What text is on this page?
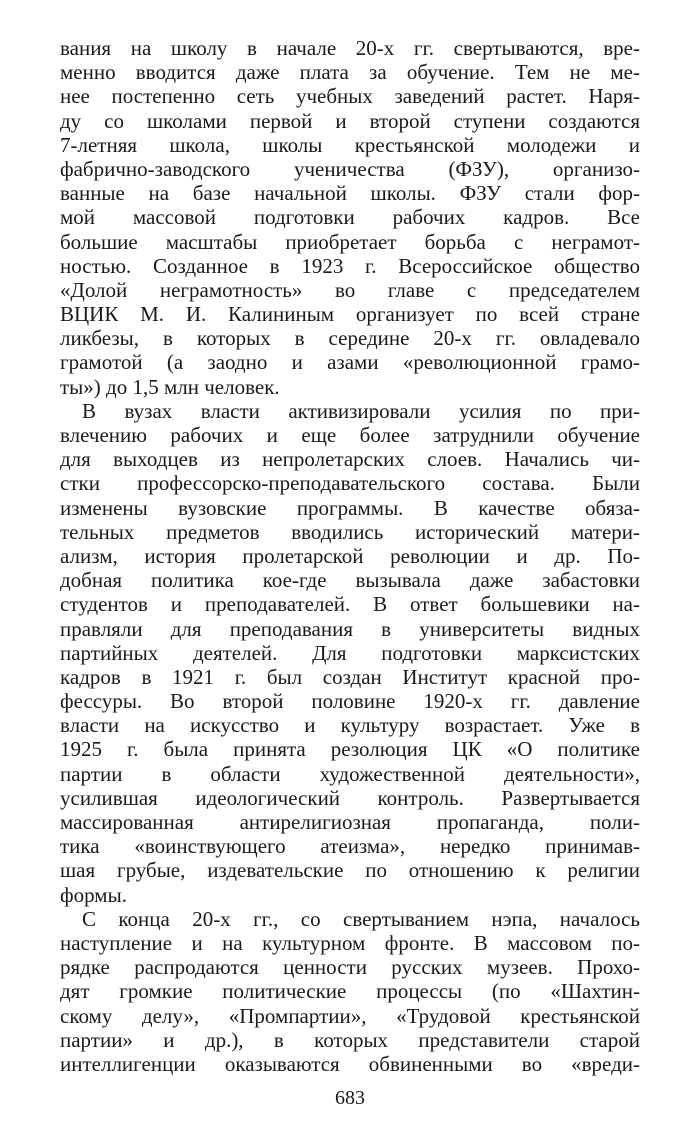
вания на школу в начале 20-х гг. свертываются, вре-
менно вводится даже плата за обучение. Тем не ме-
нее постепенно сеть учебных заведений растет. Наря-
ду со школами первой и второй ступени создаются
7-летняя школа, школы крестьянской молодежи и
фабрично-заводского ученичества (ФЗУ), организо-
ванные на базе начальной школы. ФЗУ стали фор-
мой массовой подготовки рабочих кадров. Все
большие масштабы приобретает борьба с неграмот-
ностью. Созданное в 1923 г. Всероссийское общество
«Долой неграмотность» во главе с председателем
ВЦИК М. И. Калининым организует по всей стране
ликбезы, в которых в середине 20-х гг. овладевало
грамотой (а заодно и азами «революционной грамо-
ты») до 1,5 млн человек.
В вузах власти активизировали усилия по при-
влечению рабочих и еще более затруднили обучение
для выходцев из непролетарских слоев. Начались чи-
стки профессорско-преподавательского состава. Были
изменены вузовские программы. В качестве обяза-
тельных предметов вводились исторический матери-
ализм, история пролетарской революции и др. По-
добная политика кое-где вызывала даже забастовки
студентов и преподавателей. В ответ большевики на-
правляли для преподавания в университеты видных
партийных деятелей. Для подготовки марксистских
кадров в 1921 г. был создан Институт красной про-
фессуры. Во второй половине 1920-х гг. давление
власти на искусство и культуру возрастает. Уже в
1925 г. была принята резолюция ЦК «О политике
партии в области художественной деятельности»,
усилившая идеологический контроль. Развертывается
массированная антирелигиозная пропаганда, поли-
тика «воинствующего атеизма», нередко принимав-
шая грубые, издевательские по отношению к религии
формы.
С конца 20-х гг., со свертыванием нэпа, началось
наступление и на культурном фронте. В массовом по-
рядке распродаются ценности русских музеев. Прохо-
дят громкие политические процессы (по «Шахтин-
скому делу», «Промпартии», «Трудовой крестьянской
партии» и др.), в которых представители старой
интеллигенции оказываются обвиненными во «вреди-
683
